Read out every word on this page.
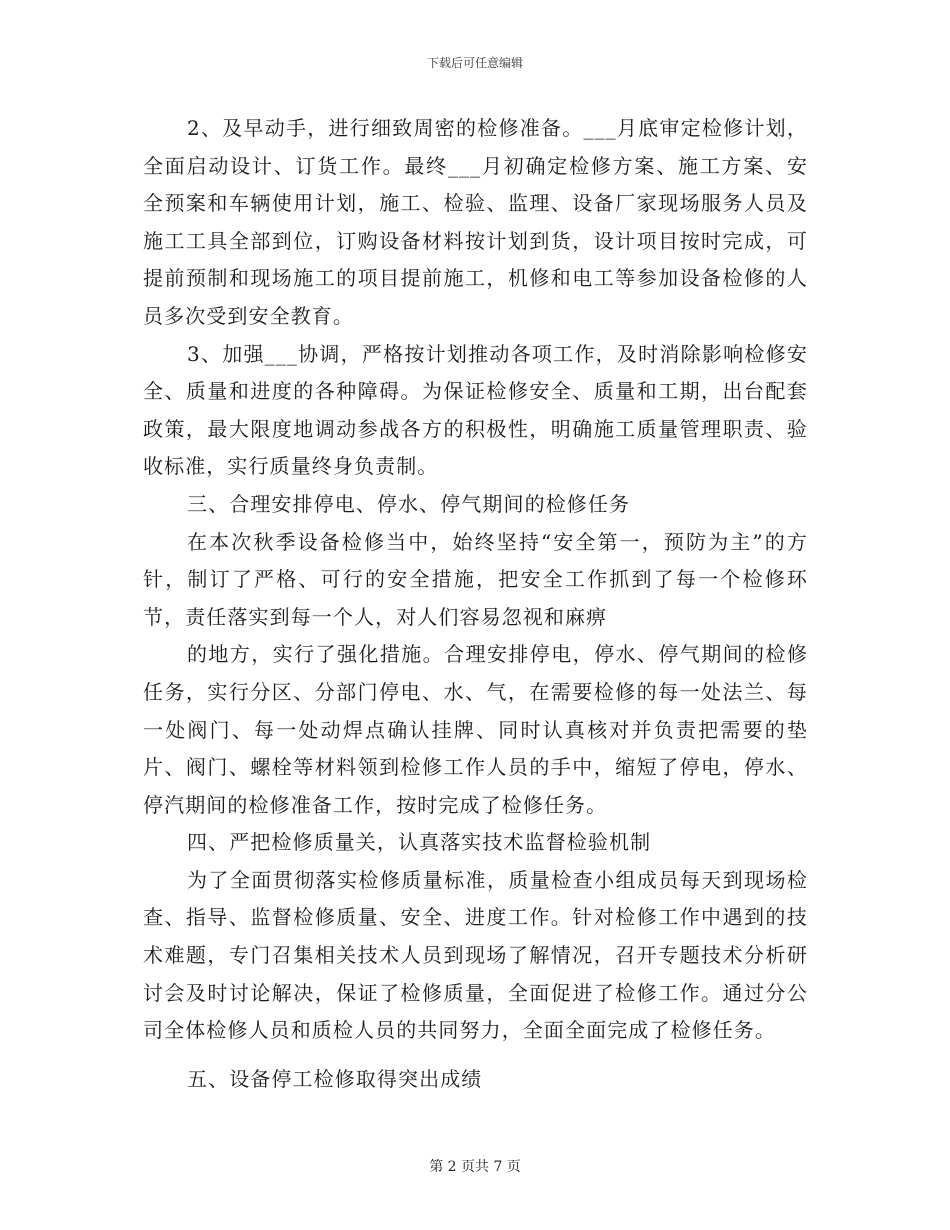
下载后可任意编辑

2、及早动手，进行细致周密的检修准备。___月底审定检修计划，全面启动设计、订货工作。最终___月初确定检修方案、施工方案、安全预案和车辆使用计划，施工、检验、监理、设备厂家现场服务人员及施工工具全部到位，订购设备材料按计划到货，设计项目按时完成，可提前预制和现场施工的项目提前施工，机修和电工等参加设备检修的人员多次受到安全教育。

3、加强___协调，严格按计划推动各项工作，及时消除影响检修安全、质量和进度的各种障碍。为保证检修安全、质量和工期，出台配套政策，最大限度地调动参战各方的积极性，明确施工质量管理职责、验收标准，实行质量终身负责制。

三、合理安排停电、停水、停气期间的检修任务

在本次秋季设备检修当中，始终坚持“安全第一，预防为主”的方针，制订了严格、可行的安全措施，把安全工作抓到了每一个检修环节，责任落实到每一个人，对人们容易忽视和麻痹

的地方，实行了强化措施。合理安排停电，停水、停气期间的检修任务，实行分区、分部门停电、水、气，在需要检修的每一处法兰、每一处阀门、每一处动焊点确认挂牌、同时认真核对并负责把需要的垫片、阀门、螺栓等材料领到检修工作人员的手中，缩短了停电，停水、停汽期间的检修准备工作，按时完成了检修任务。

四、严把检修质量关，认真落实技术监督检验机制

为了全面贯彻落实检修质量标准，质量检查小组成员每天到现场检查、指导、监督检修质量、安全、进度工作。针对检修工作中遇到的技术难题，专门召集相关技术人员到现场了解情况，召开专题技术分析研讨会及时讨论解决，保证了检修质量，全面促进了检修工作。通过分公司全体检修人员和质检人员的共同努力，全面全面完成了检修任务。

五、设备停工检修取得突出成绩

第 2 页共 7 页
